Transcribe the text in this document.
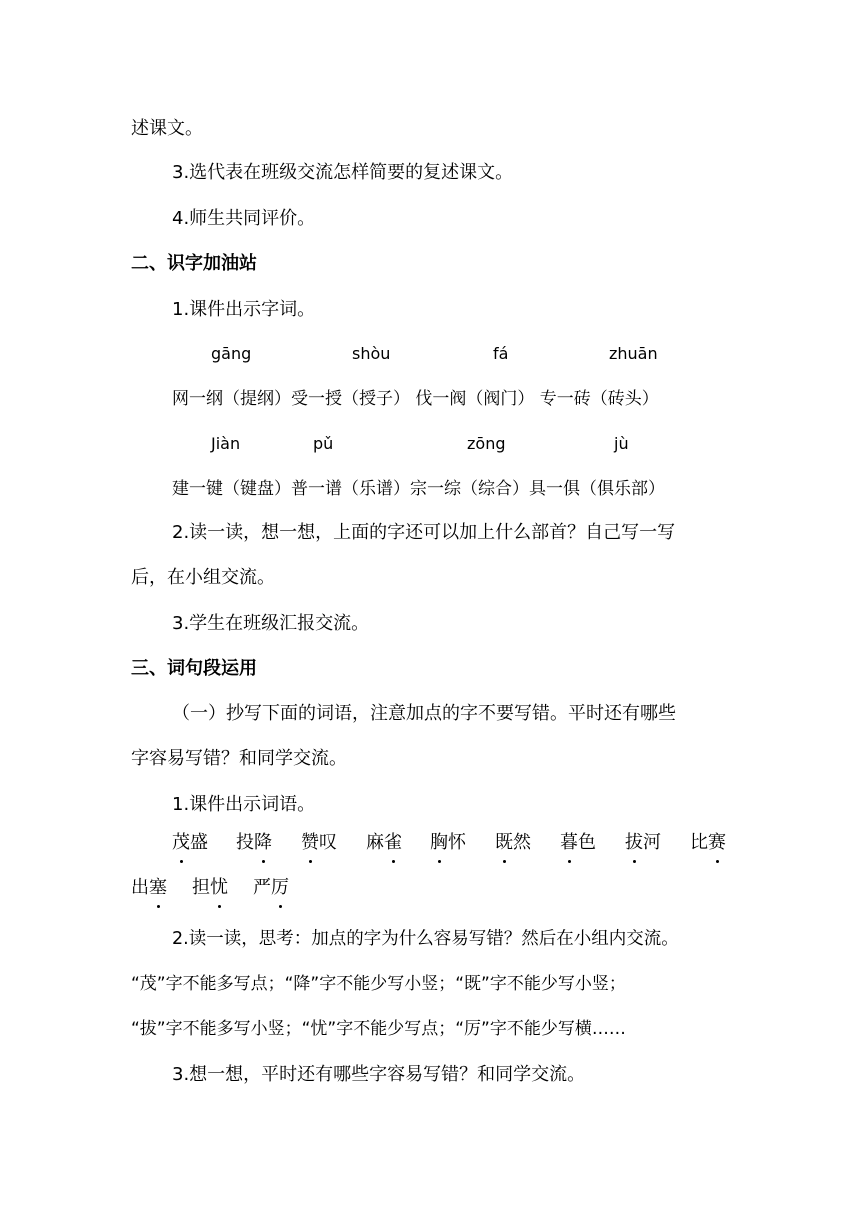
述课文。
3.选代表在班级交流怎样简要的复述课文。
4.师生共同评价。
二、识字加油站
1.课件出示字词。
gāng	shòu	fá	zhuān
网一纲（提纲）受一授（授子） 伐一阀（阀门） 专一砖（砖头）
Jiàn	pǔ	zōng	jù
建一键（键盘）普一谱（乐谱）宗一综（综合）具一俱（俱乐部）
2.读一读，想一想，上面的字还可以加上什么部首？自己写一写
后，在小组交流。
3.学生在班级汇报交流。
三、词句段运用
（一）抄写下面的词语，注意加点的字不要写错。平时还有哪些
字容易写错？和同学交流。
1.课件出示词语。
茂盛 投降 赞叹 麻雀 胸怀 既然 暮色 拔河 比赛
出塞 担忧 严厉
2.读一读，思考：加点的字为什么容易写错？然后在小组内交流。
“茂”字不能多写点；“降”字不能少写小竖；“既”字不能少写小竖；
“拔”字不能多写小竖；“忧”字不能少写点；“厉”字不能少写横……
3.想一想，平时还有哪些字容易写错？和同学交流。
